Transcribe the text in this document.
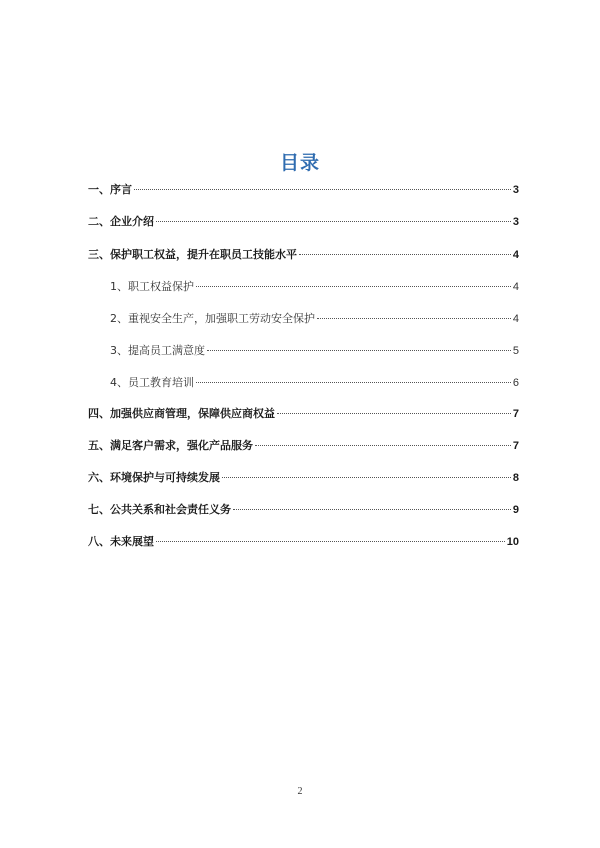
目录
一、序言	3
二、企业介绍	3
三、保护职工权益，提升在职员工技能水平	4
1、职工权益保护	4
2、重视安全生产，加强职工劳动安全保护	4
3、提高员工满意度	5
4、员工教育培训	6
四、加强供应商管理，保障供应商权益	7
五、满足客户需求，强化产品服务	7
六、环境保护与可持续发展	8
七、公共关系和社会责任义务	9
八、未来展望	10
2
